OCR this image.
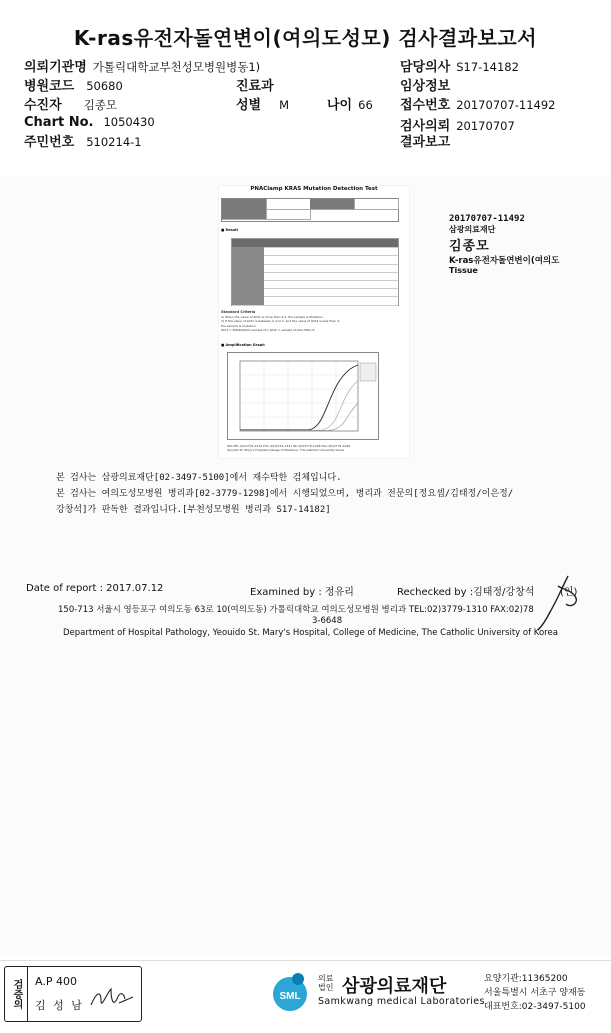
K-ras유전자돌연변이(여의도성모) 검사결과보고서
의뢰기관명 가톨릭대학교부천성모병원병동1)	담당의사 S17-14182
병원코드 50680	진료과	임상정보
수진자 김종모	성별 M	나이 66 접수번호 20170707-11492
Chart No. 1050430	검사의뢰 20170707
주민번호 510214-1	결과보고
PNAClamp KRAS Mutation Detection Test
■ Result
Standard Criteria
1) When the value of ΔCt1 is more than 2.0, the sample is Mutation.
2) If the value of ΔCt1 is between 0 and 2, and the value of ΔCt2 is less than 4,
the sample is mutation.
ΔCt1 = PNAbOW(Ct sample Ct), ΔCt2 = sample Ct-Non PNA Ct
■ Amplification Graph
STA-TEL (02)3779-1310 FAX (02)3779-1331 Tel (02)3779-1246 Fax (02)3779-1246
Yeouido St. Mary's Hospital College of Medicine, The Catholic University Korea
20170707-11492
삼광의료재단
김종모
K-ras유전자돌연변이(여의도
Tissue
본 검사는 삼광의료재단[02-3497-5100]에서 재수탁한 검체입니다.
본 검사는 여의도성모병원 병리과[02-3779-1298]에서 시행되었으며, 병리과 전문의[정요셉/김태정/이은정/
강창석]가 판독한 결과입니다.[부천성모병원 병리과 S17-14182]
Date of report : 2017.07.12	Examined by : 정유리	Rechecked by :김태정/강창석	(인)
150-713 서울시 영등포구 여의도동 63로 10(여의도동) 가톨릭대학교 여의도성모병원 병리과 TEL:02)3779-1310 FAX:02)78
3-6648
Department of Hospital Pathology, Yeouido St. Mary's Hospital, College of Medicine, The Catholic University of Korea
검증의	A.P 400
김 성 남
SML
의료법인 삼광의료재단
Samkwang medical Laboratories
요양기관:11365200
서울특별시 서초구 양재동
대표번호:02-3497-5100
